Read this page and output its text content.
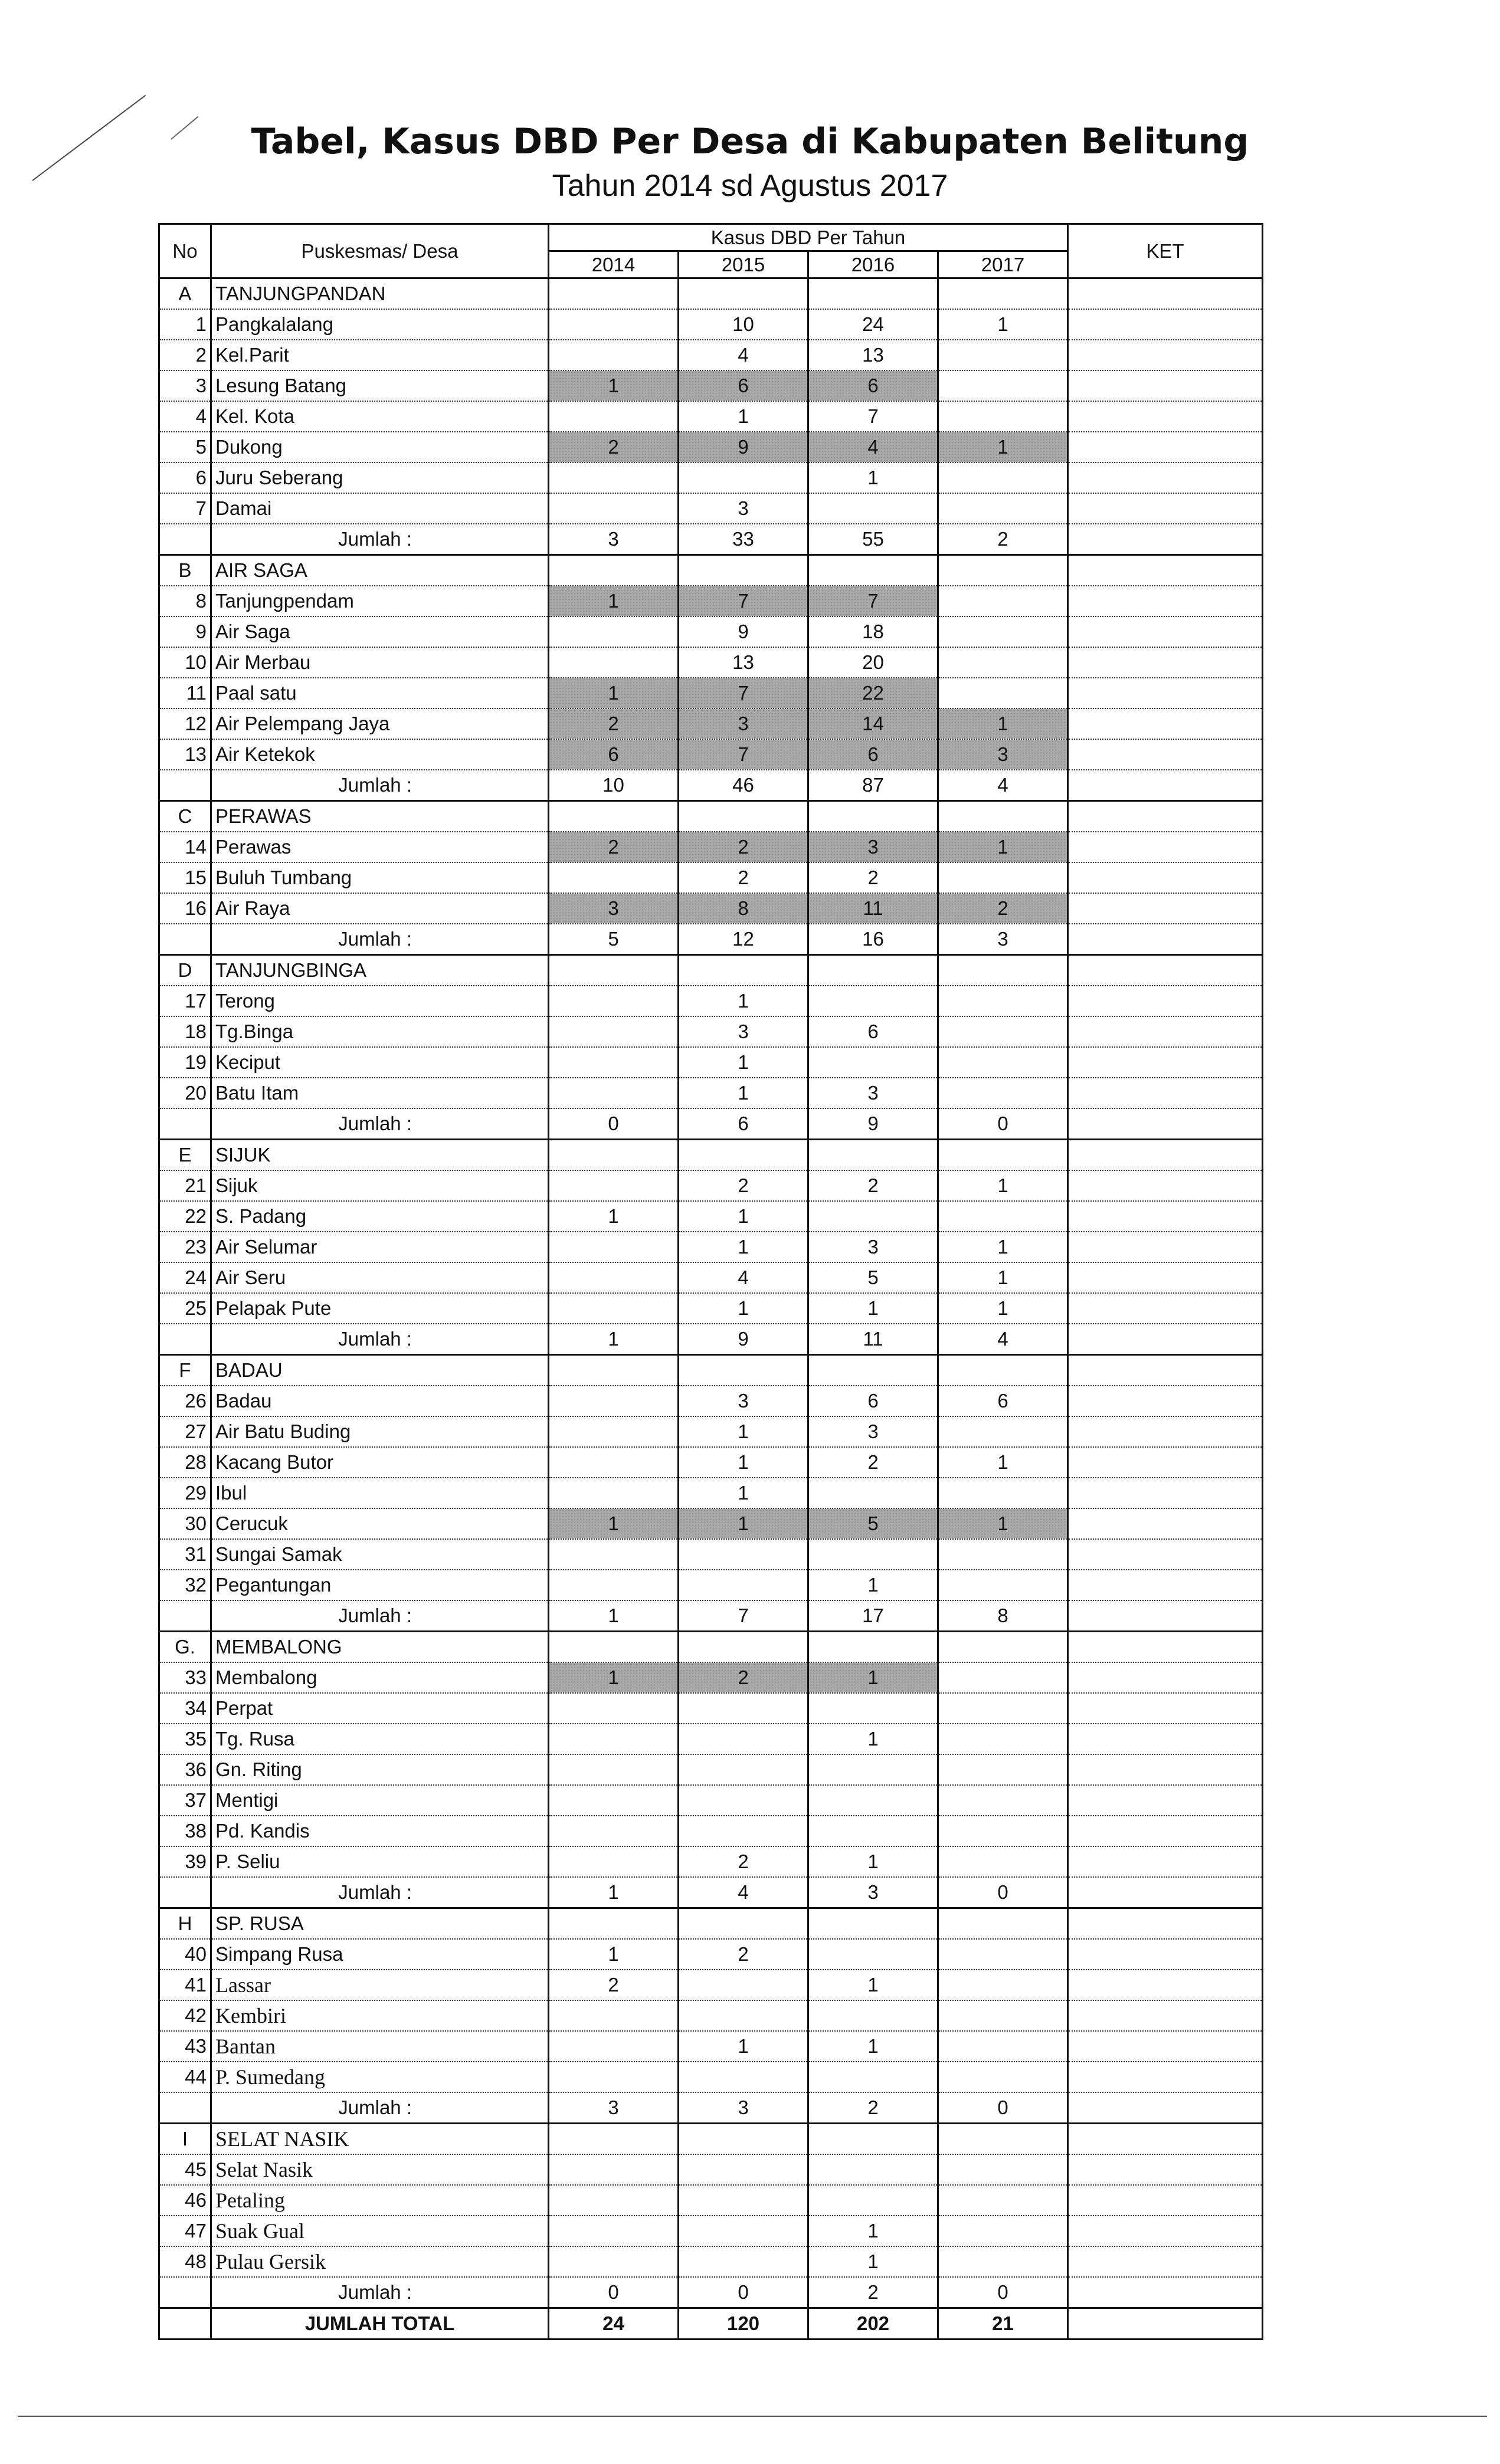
Tabel, Kasus DBD Per Desa di Kabupaten Belitung
Tahun 2014 sd Agustus 2017
No	Puskesmas/ Desa	Kasus DBD Per Tahun				KET
		2014	2015	2016	2017	
A	TANJUNGPANDAN					
1	Pangkalalang		10	24	1	
2	Kel.Parit		4	13		
3	Lesung Batang	1	6	6		
4	Kel. Kota		1	7		
5	Dukong	2	9	4	1	
6	Juru Seberang			1		
7	Damai		3			
	Jumlah :	3	33	55	2	
B	AIR SAGA					
8	Tanjungpendam	1	7	7		
9	Air Saga		9	18		
10	Air Merbau		13	20		
11	Paal satu	1	7	22		
12	Air Pelempang Jaya	2	3	14	1	
13	Air Ketekok	6	7	6	3	
	Jumlah :	10	46	87	4	
C	PERAWAS					
14	Perawas	2	2	3	1	
15	Buluh Tumbang		2	2		
16	Air Raya	3	8	11	2	
	Jumlah :	5	12	16	3	
D	TANJUNGBINGA					
17	Terong		1			
18	Tg.Binga		3	6		
19	Keciput		1			
20	Batu Itam		1	3		
	Jumlah :	0	6	9	0	
E	SIJUK					
21	Sijuk		2	2	1	
22	S. Padang	1	1			
23	Air Selumar		1	3	1	
24	Air Seru		4	5	1	
25	Pelapak Pute		1	1	1	
	Jumlah :	1	9	11	4	
F	BADAU					
26	Badau		3	6	6	
27	Air Batu Buding		1	3		
28	Kacang Butor		1	2	1	
29	Ibul		1			
30	Cerucuk	1	1	5	1	
31	Sungai Samak					
32	Pegantungan			1		
	Jumlah :	1	7	17	8	
G.	MEMBALONG					
33	Membalong	1	2	1		
34	Perpat					
35	Tg. Rusa			1		
36	Gn. Riting					
37	Mentigi					
38	Pd. Kandis					
39	P. Seliu		2	1		
	Jumlah :	1	4	3	0	
H	SP. RUSA					
40	Simpang Rusa	1	2			
41	Lassar	2		1		
42	Kembiri					
43	Bantan		1	1		
44	P. Sumedang					
	Jumlah :	3	3	2	0	
I	SELAT NASIK					
45	Selat Nasik					
46	Petaling					
47	Suak Gual			1		
48	Pulau Gersik			1		
	Jumlah :	0	0	2	0	
	JUMLAH TOTAL	24	120	202	21	
